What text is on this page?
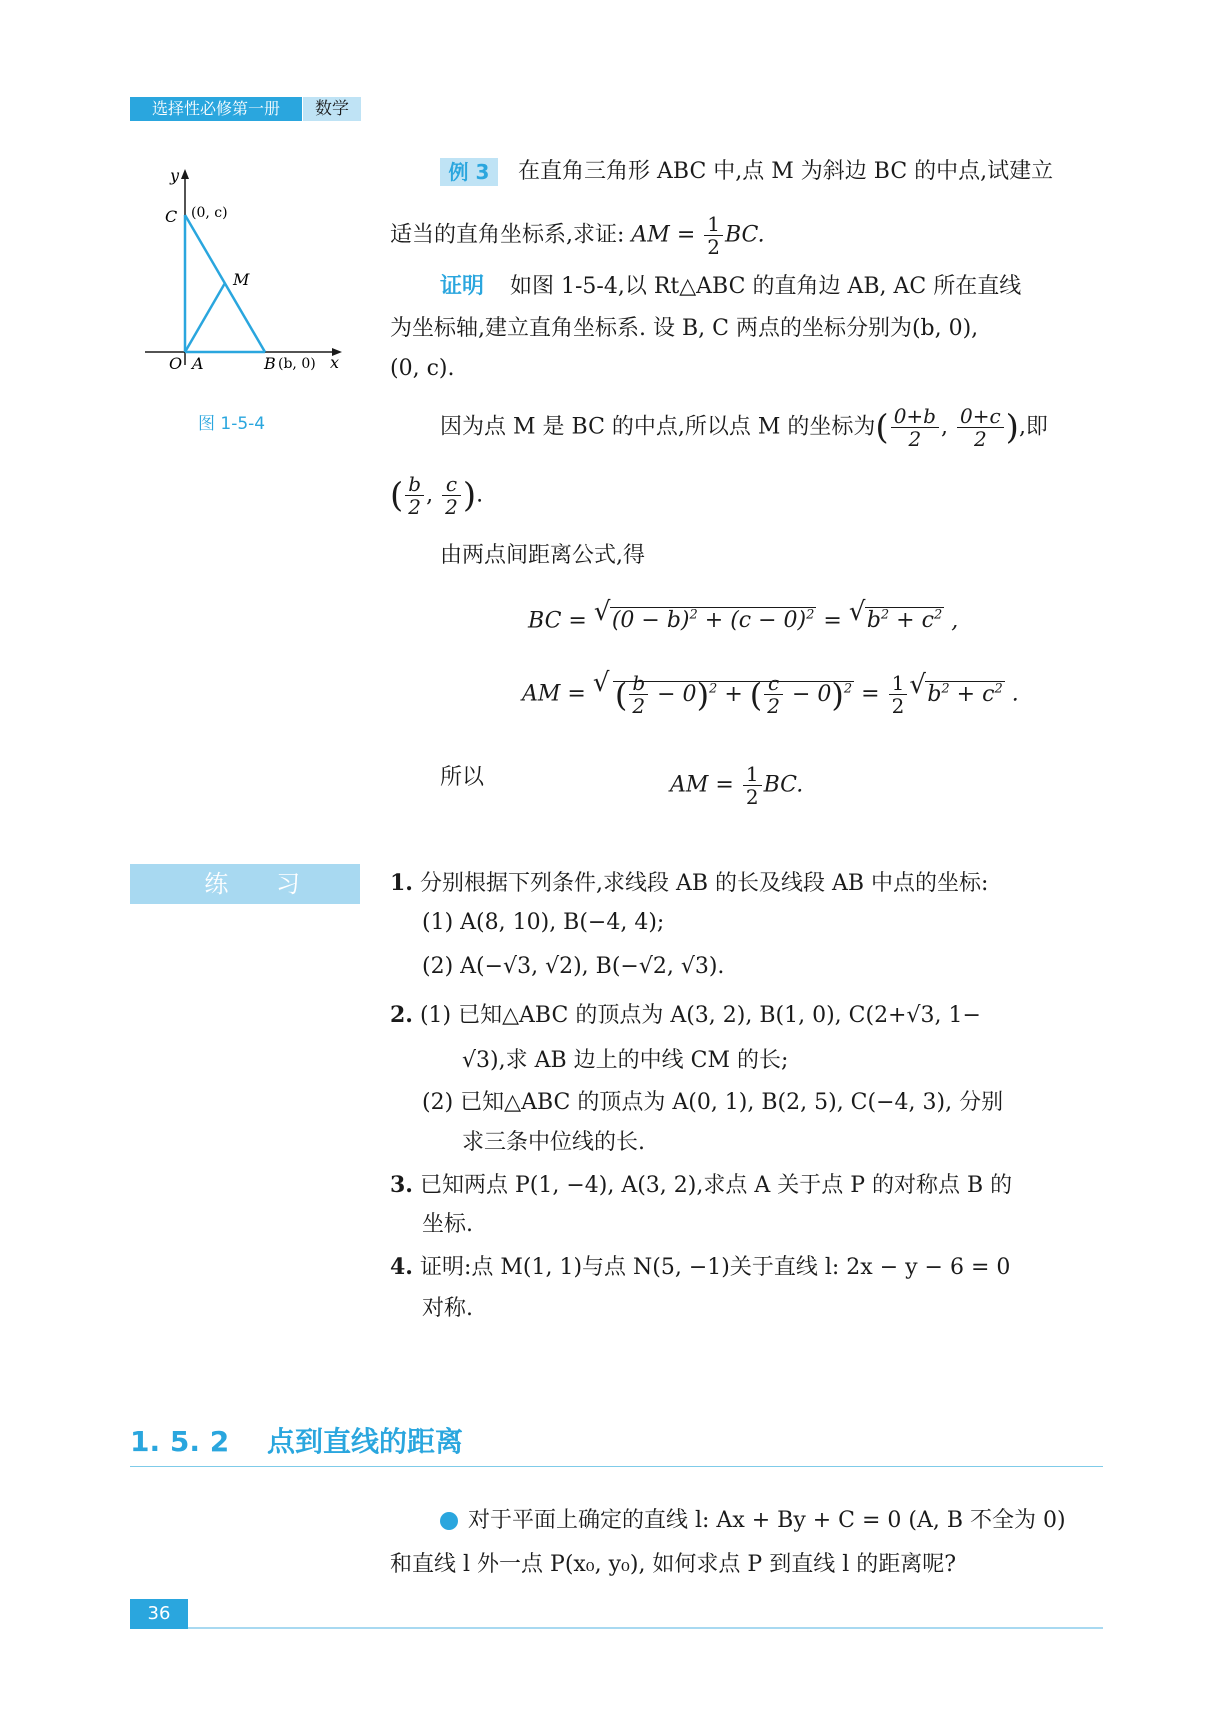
选择性必修第一册	数学
y
C (0, c)
M
O A	B (b, 0) x
图 1-5-4
例 3	在直角三角形 ABC 中,点 M 为斜边 BC 的中点,试建立
适当的直角坐标系,求证: AM = $\frac{1}{2}$ BC.
证明 如图 1-5-4,以 Rt△ABC 的直角边 AB, AC 所在直线
为坐标轴,建立直角坐标系. 设 B, C 两点的坐标分别为(b, 0),
(0, c).
因为点 M 是 BC 的中点,所以点 M 的坐标为( $\frac{0+b}{2}$ , $\frac{0+c}{2}$ ),即
( $\frac{b}{2}$ , $\frac{c}{2}$ ).
由两点间距离公式,得
BC = √ $(0 - b)^2 + (c - 0)^2$ = √ $b^2 + c^2$ ,
AM = √ ( $\frac{b}{2} - 0)^2$ + ( $\frac{c}{2} - 0)^2 = \frac{1}{2}$
√ $b^2 + c^2$ .
所以	AM = $\frac{1}{2}$ BC.
练 习	1. 分别根据下列条件,求线段 AB 的长及线段 AB 中点的坐标:
(1) A(8, 10), B(−4, 4);
(2) A(−√3, √2), B(−√2, √3).
2. (1) 已知△ABC 的顶点为 A(3, 2), B(1, 0), C(2+√3, 1−
√3),求 AB 边上的中线 CM 的长;
(2) 已知△ABC 的顶点为 A(0, 1), B(2, 5), C(−4, 3), 分别
求三条中位线的长.
3. 已知两点 P(1, −4), A(3, 2),求点 A 关于点 P 的对称点 B 的
坐标.
4. 证明:点 M(1, 1)与点 N(5, −1)关于直线 l: 2x − y − 6 = 0
对称.
1. 5. 2 点到直线的距离
对于平面上确定的直线 l: Ax + By + C = 0 (A, B 不全为 0)
和直线 l 外一点 P(x₀, y₀), 如何求点 P 到直线 l 的距离呢?
36
